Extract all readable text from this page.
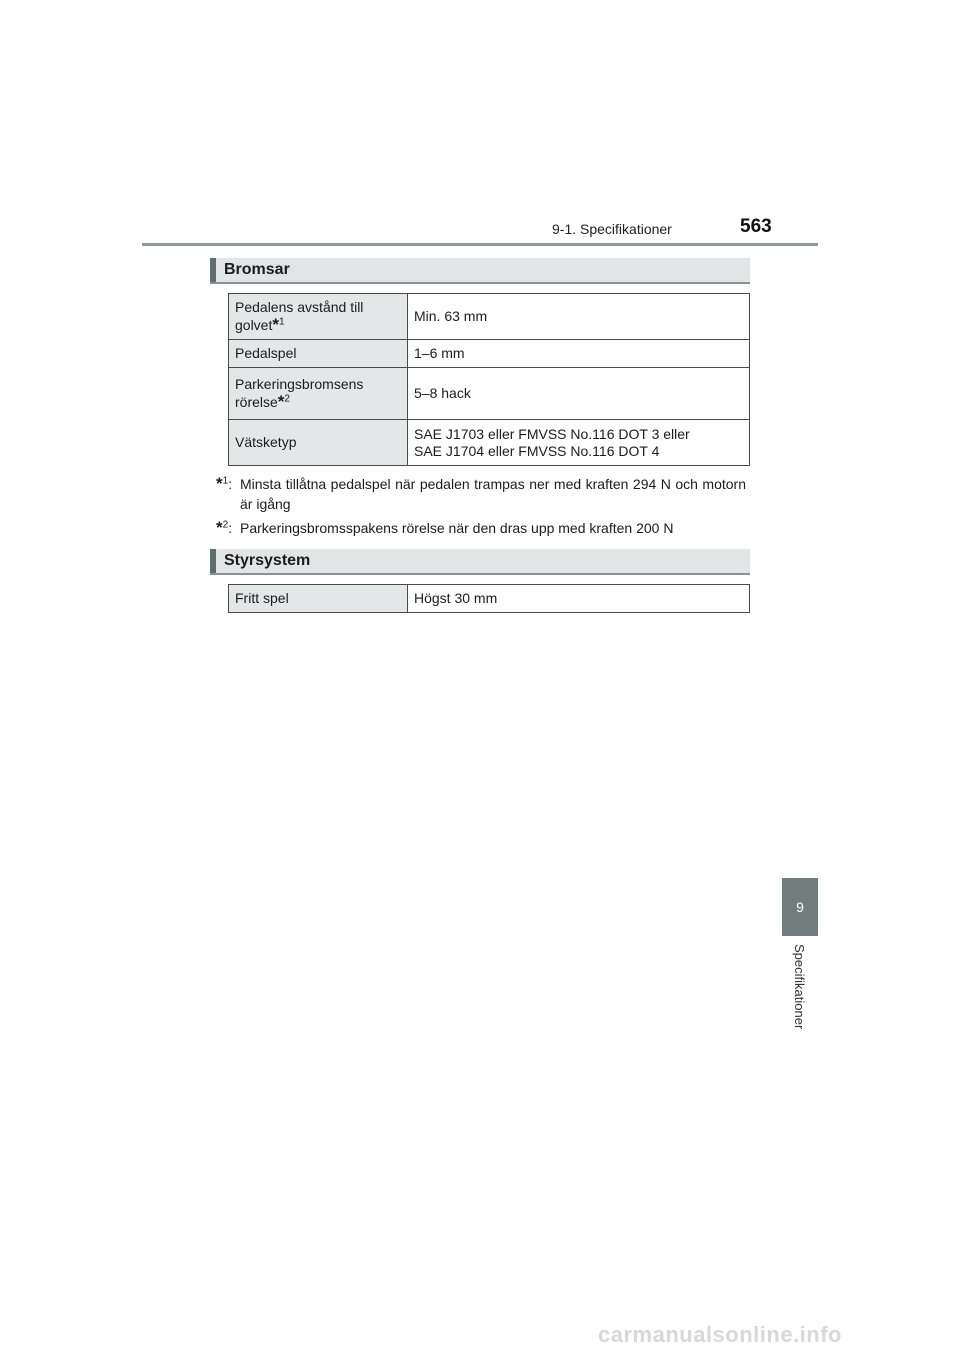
9-1. Specifikationer	563
Bromsar
Pedalens avstånd till
golvet*$^1$	Min. 63 mm
Pedalspel	1–6 mm
Parkeringsbromsens
rörelse*$^2$	5–8 hack
Vätsketyp	SAE J1703 eller FMVSS No.116 DOT 3 eller
SAE J1704 eller FMVSS No.116 DOT 4
*$^1$: Minsta tillåtna pedalspel när pedalen trampas ner med kraften 294 N och motorn är igång
*$^2$: Parkeringsbromsspakens rörelse när den dras upp med kraften 200 N
Styrsystem
Fritt spel	Högst 30 mm
9
Specifikationer
carmanualsonline.info
